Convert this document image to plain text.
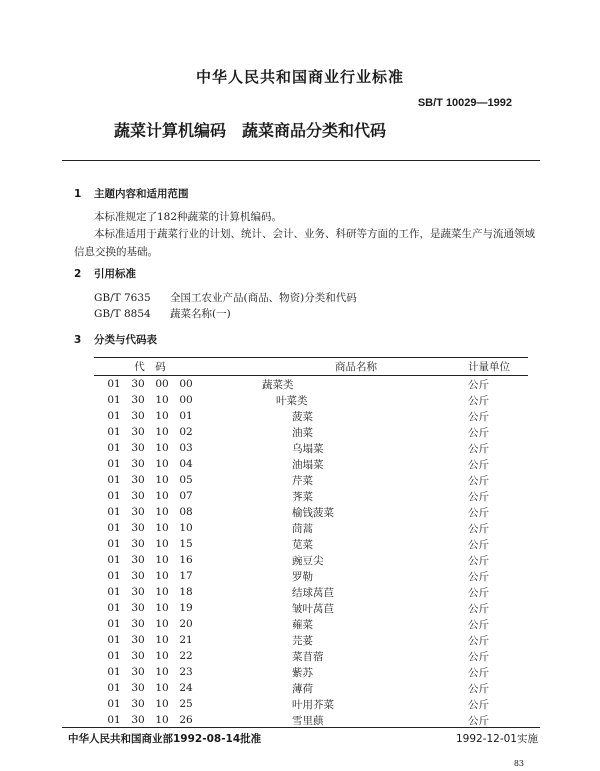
中华人民共和国商业行业标准
SB/T 10029—1992
蔬菜计算机编码　蔬菜商品分类和代码
1 主题内容和适用范围
本标准规定了182种蔬菜的计算机编码。
本标准适用于蔬菜行业的计划、统计、会计、业务、科研等方面的工作，是蔬菜生产与流通领域信息交换的基础。
2 引用标准
GB/T 7635 全国工农业产品(商品、物资)分类和代码
GB/T 8854 蔬菜名称(一)
3 分类与代码表
	代　码					商品名称	计量单位
	01	30	00	00		蔬菜类	公斤
	01	30	10	00		叶菜类	公斤
	01	30	10	01		菠菜	公斤
	01	30	10	02		油菜	公斤
	01	30	10	03		乌塌菜	公斤
	01	30	10	04		油塌菜	公斤
	01	30	10	05		芹菜	公斤
	01	30	10	07		荠菜	公斤
	01	30	10	08		榆钱菠菜	公斤
	01	30	10	10		茼蒿	公斤
	01	30	10	15		苋菜	公斤
	01	30	10	16		豌豆尖	公斤
	01	30	10	17		罗勒	公斤
	01	30	10	18		结球莴苣	公斤
	01	30	10	19		皱叶莴苣	公斤
	01	30	10	20		蕹菜	公斤
	01	30	10	21		芫荽	公斤
	01	30	10	22		菜苜蓿	公斤
	01	30	10	23		紫苏	公斤
	01	30	10	24		薄荷	公斤
	01	30	10	25		叶用芥菜	公斤
	01	30	10	26		雪里蕻	公斤
中华人民共和国商业部1992-08-14批准	1992-12-01实施
83
